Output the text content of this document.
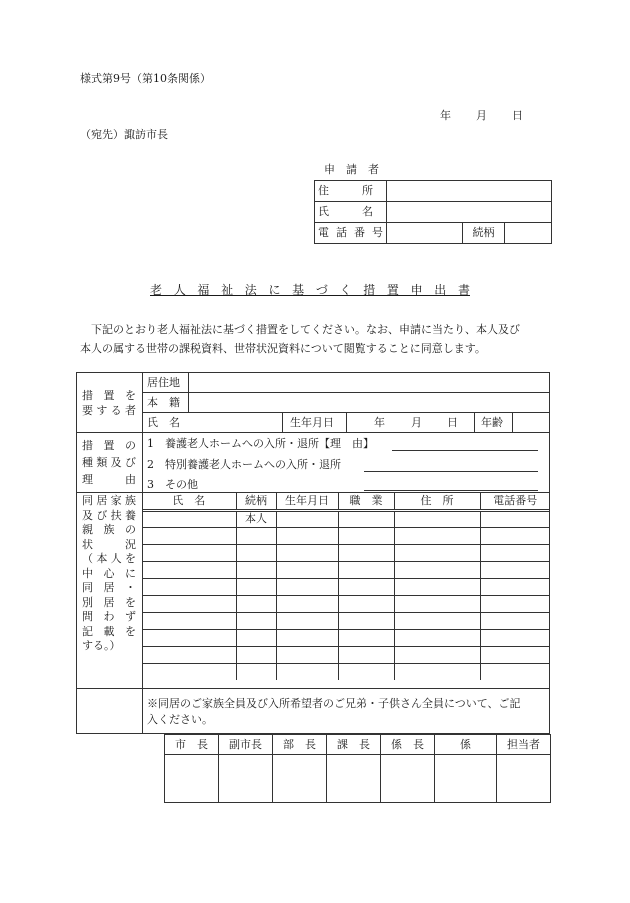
様式第9号（第10条関係）
年 月 日
（宛先）諏訪市長
申　請　者
住　　　所			
氏　　　名			
電話番号		続柄	
老人福祉法に基づく措置申出書
　下記のとおり老人福祉法に基づく措置をしてください。なお、申請に当たり、本人及び
本人の属する世帯の課税資料、世帯状況資料について閲覧することに同意します。
措置を
要する者
居住地
本　籍
氏　名	生年月日	年 月 日 年齢
措置の
種類及び
理由
1　養護老人ホームへの入所・退所【理　由】
2　特別養護老人ホームへの入所・退所
3　その他
同居家族
及び扶養
親族の
状況
（本人を
中心に
同居・
別居を
問わず
記載を
する。）
氏　名	続柄	生年月日	職　業	住　所	電話番号
	本人				

※同居のご家族全員及び入所希望者のご兄弟・子供さん全員について、ご記
入ください。
市　長	副市長	部　長	課　長	係　長	係	担当者
